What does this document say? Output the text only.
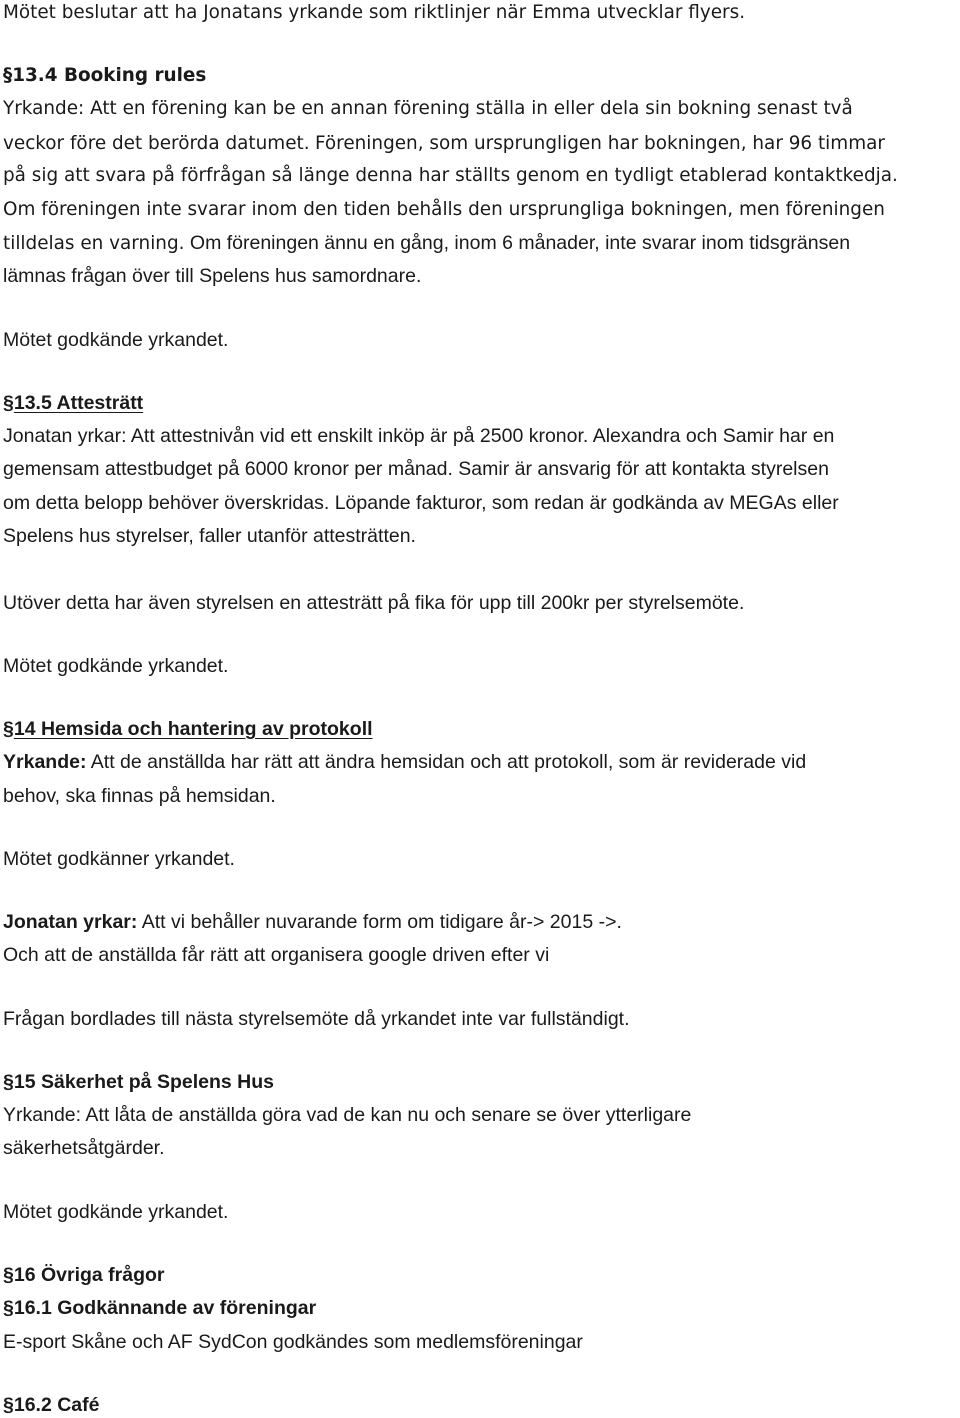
Mötet beslutar att ha Jonatans yrkande som riktlinjer när Emma utvecklar flyers.
§13.4 Booking rules
Yrkande: Att en förening kan be en annan förening ställa in eller dela sin bokning senast två
veckor före det berörda datumet. Föreningen, som ursprungligen har bokningen, har 96 timmar
på sig att svara på förfrågan så länge denna har ställts genom en tydligt etablerad kontaktkedja.
Om föreningen inte svarar inom den tiden behålls den ursprungliga bokningen, men föreningen
tilldelas en varning. Om föreningen ännu en gång, inom 6 månader, inte svarar inom tidsgränsen
lämnas frågan över till Spelens hus samordnare.
Mötet godkände yrkandet.
§13.5 Attesträtt
Jonatan yrkar: Att attestnivån vid ett enskilt inköp är på 2500 kronor. Alexandra och Samir har en
gemensam attestbudget på 6000 kronor per månad. Samir är ansvarig för att kontakta styrelsen
om detta belopp behöver överskridas. Löpande fakturor, som redan är godkända av MEGAs eller
Spelens hus styrelser, faller utanför attesträtten.
Utöver detta har även styrelsen en attesträtt på fika för upp till 200kr per styrelsemöte.
Mötet godkände yrkandet.
§14 Hemsida och hantering av protokoll
Yrkande: Att de anställda har rätt att ändra hemsidan och att protokoll, som är reviderade vid
behov, ska finnas på hemsidan.
Mötet godkänner yrkandet.
Jonatan yrkar: Att vi behåller nuvarande form om tidigare år-> 2015 ->.
Och att de anställda får rätt att organisera google driven efter vi
Frågan bordlades till nästa styrelsemöte då yrkandet inte var fullständigt.
§15 Säkerhet på Spelens Hus
Yrkande: Att låta de anställda göra vad de kan nu och senare se över ytterligare
säkerhetsåtgärder.
Mötet godkände yrkandet.
§16 Övriga frågor
§16.1 Godkännande av föreningar
E-sport Skåne och AF SydCon godkändes som medlemsföreningar
§16.2 Café
